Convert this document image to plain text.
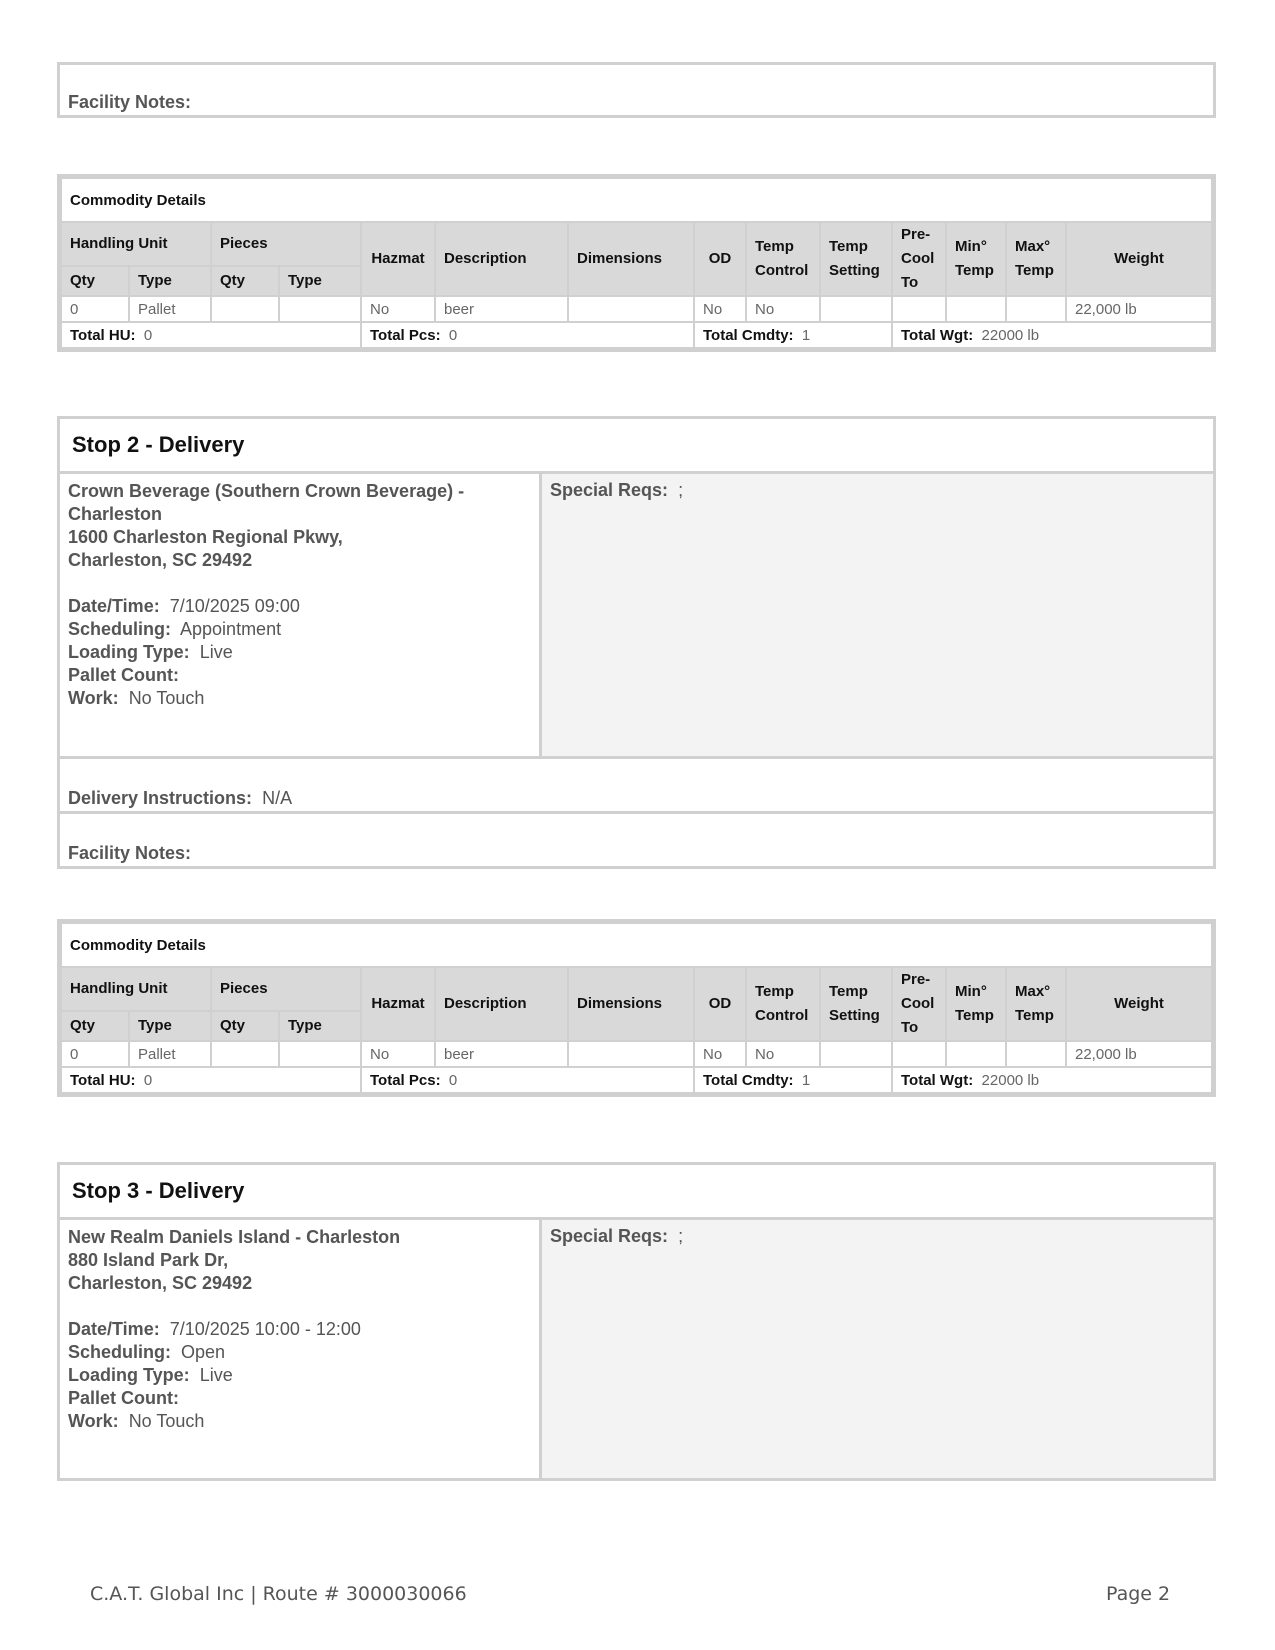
Facility Notes:
Commodity Details													
Handling Unit		Pieces		Hazmat	Description	Dimensions	OD	Temp Control	Temp Setting	Pre-Cool To	Min° Temp	Max° Temp	Weight
Qty	Type	Qty	Type										
0	Pallet			No	beer		No	No					22,000 lb
Total HU: 0				Total Pcs: 0			Total Cmdty: 1			Total Wgt: 22000 lb			
Stop 2 - Delivery
Crown Beverage (Southern Crown Beverage) -
Charleston
1600 Charleston Regional Pkwy,
Charleston, SC 29492
Date/Time: 7/10/2025 09:00
Scheduling: Appointment
Loading Type: Live
Pallet Count:
Work: No Touch
Special Reqs: ;
Delivery Instructions: N/A
Facility Notes:
Commodity Details													
Handling Unit		Pieces		Hazmat	Description	Dimensions	OD	Temp Control	Temp Setting	Pre-Cool To	Min° Temp	Max° Temp	Weight
Qty	Type	Qty	Type										
0	Pallet			No	beer		No	No					22,000 lb
Total HU: 0				Total Pcs: 0			Total Cmdty: 1			Total Wgt: 22000 lb			
Stop 3 - Delivery
New Realm Daniels Island - Charleston
880 Island Park Dr,
Charleston, SC 29492
Date/Time: 7/10/2025 10:00 - 12:00
Scheduling: Open
Loading Type: Live
Pallet Count:
Work: No Touch
Special Reqs: ;
C.A.T. Global Inc | Route # 3000030066	Page 2
